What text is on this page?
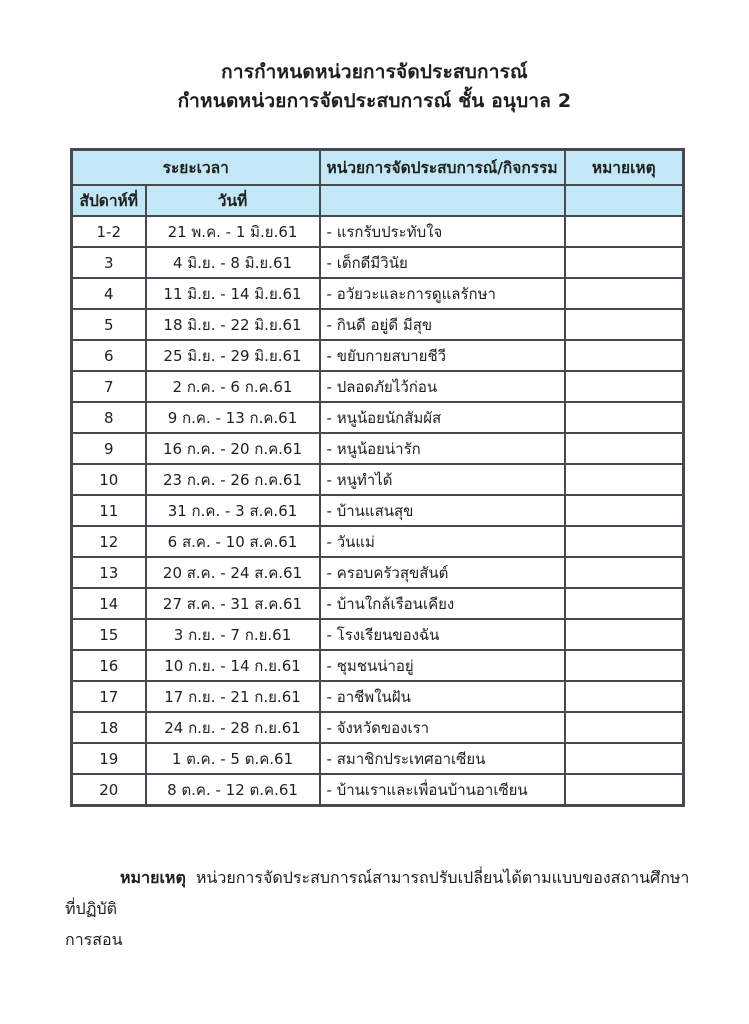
การกำหนดหน่วยการจัดประสบการณ์
กำหนดหน่วยการจัดประสบการณ์ ชั้น อนุบาล 2
ระยะเวลา		หน่วยการจัดประสบการณ์/กิจกรรม	หมายเหตุ
สัปดาห์ที่	วันที่		
1-2	21 พ.ค. - 1 มิ.ย.61	- แรกรับประทับใจ	
3	4 มิ.ย. - 8 มิ.ย.61	- เด็กดีมีวินัย	
4	11 มิ.ย. - 14 มิ.ย.61	- อวัยวะและการดูแลรักษา	
5	18 มิ.ย. - 22 มิ.ย.61	- กินดี อยู่ดี มีสุข	
6	25 มิ.ย. - 29 มิ.ย.61	- ขยับกายสบายชีวี	
7	2 ก.ค. - 6 ก.ค.61	- ปลอดภัยไว้ก่อน	
8	9 ก.ค. - 13 ก.ค.61	- หนูน้อยนักสัมผัส	
9	16 ก.ค. - 20 ก.ค.61	- หนูน้อยน่ารัก	
10	23 ก.ค. - 26 ก.ค.61	- หนูทำได้	
11	31 ก.ค. - 3 ส.ค.61	- บ้านแสนสุข	
12	6 ส.ค. - 10 ส.ค.61	- วันแม่	
13	20 ส.ค. - 24 ส.ค.61	- ครอบครัวสุขสันต์	
14	27 ส.ค. - 31 ส.ค.61	- บ้านใกล้เรือนเคียง	
15	3 ก.ย. - 7 ก.ย.61	- โรงเรียนของฉัน	
16	10 ก.ย. - 14 ก.ย.61	- ชุมชนน่าอยู่	
17	17 ก.ย. - 21 ก.ย.61	- อาชีพในฝัน	
18	24 ก.ย. - 28 ก.ย.61	- จังหวัดของเรา	
19	1 ต.ค. - 5 ต.ค.61	- สมาชิกประเทศอาเซียน	
20	8 ต.ค. - 12 ต.ค.61	- บ้านเราและเพื่อนบ้านอาเซียน	
หมายเหตุ หน่วยการจัดประสบการณ์สามารถปรับเปลี่ยนได้ตามแบบของสถานศึกษาที่ปฏิบัติ
การสอน
